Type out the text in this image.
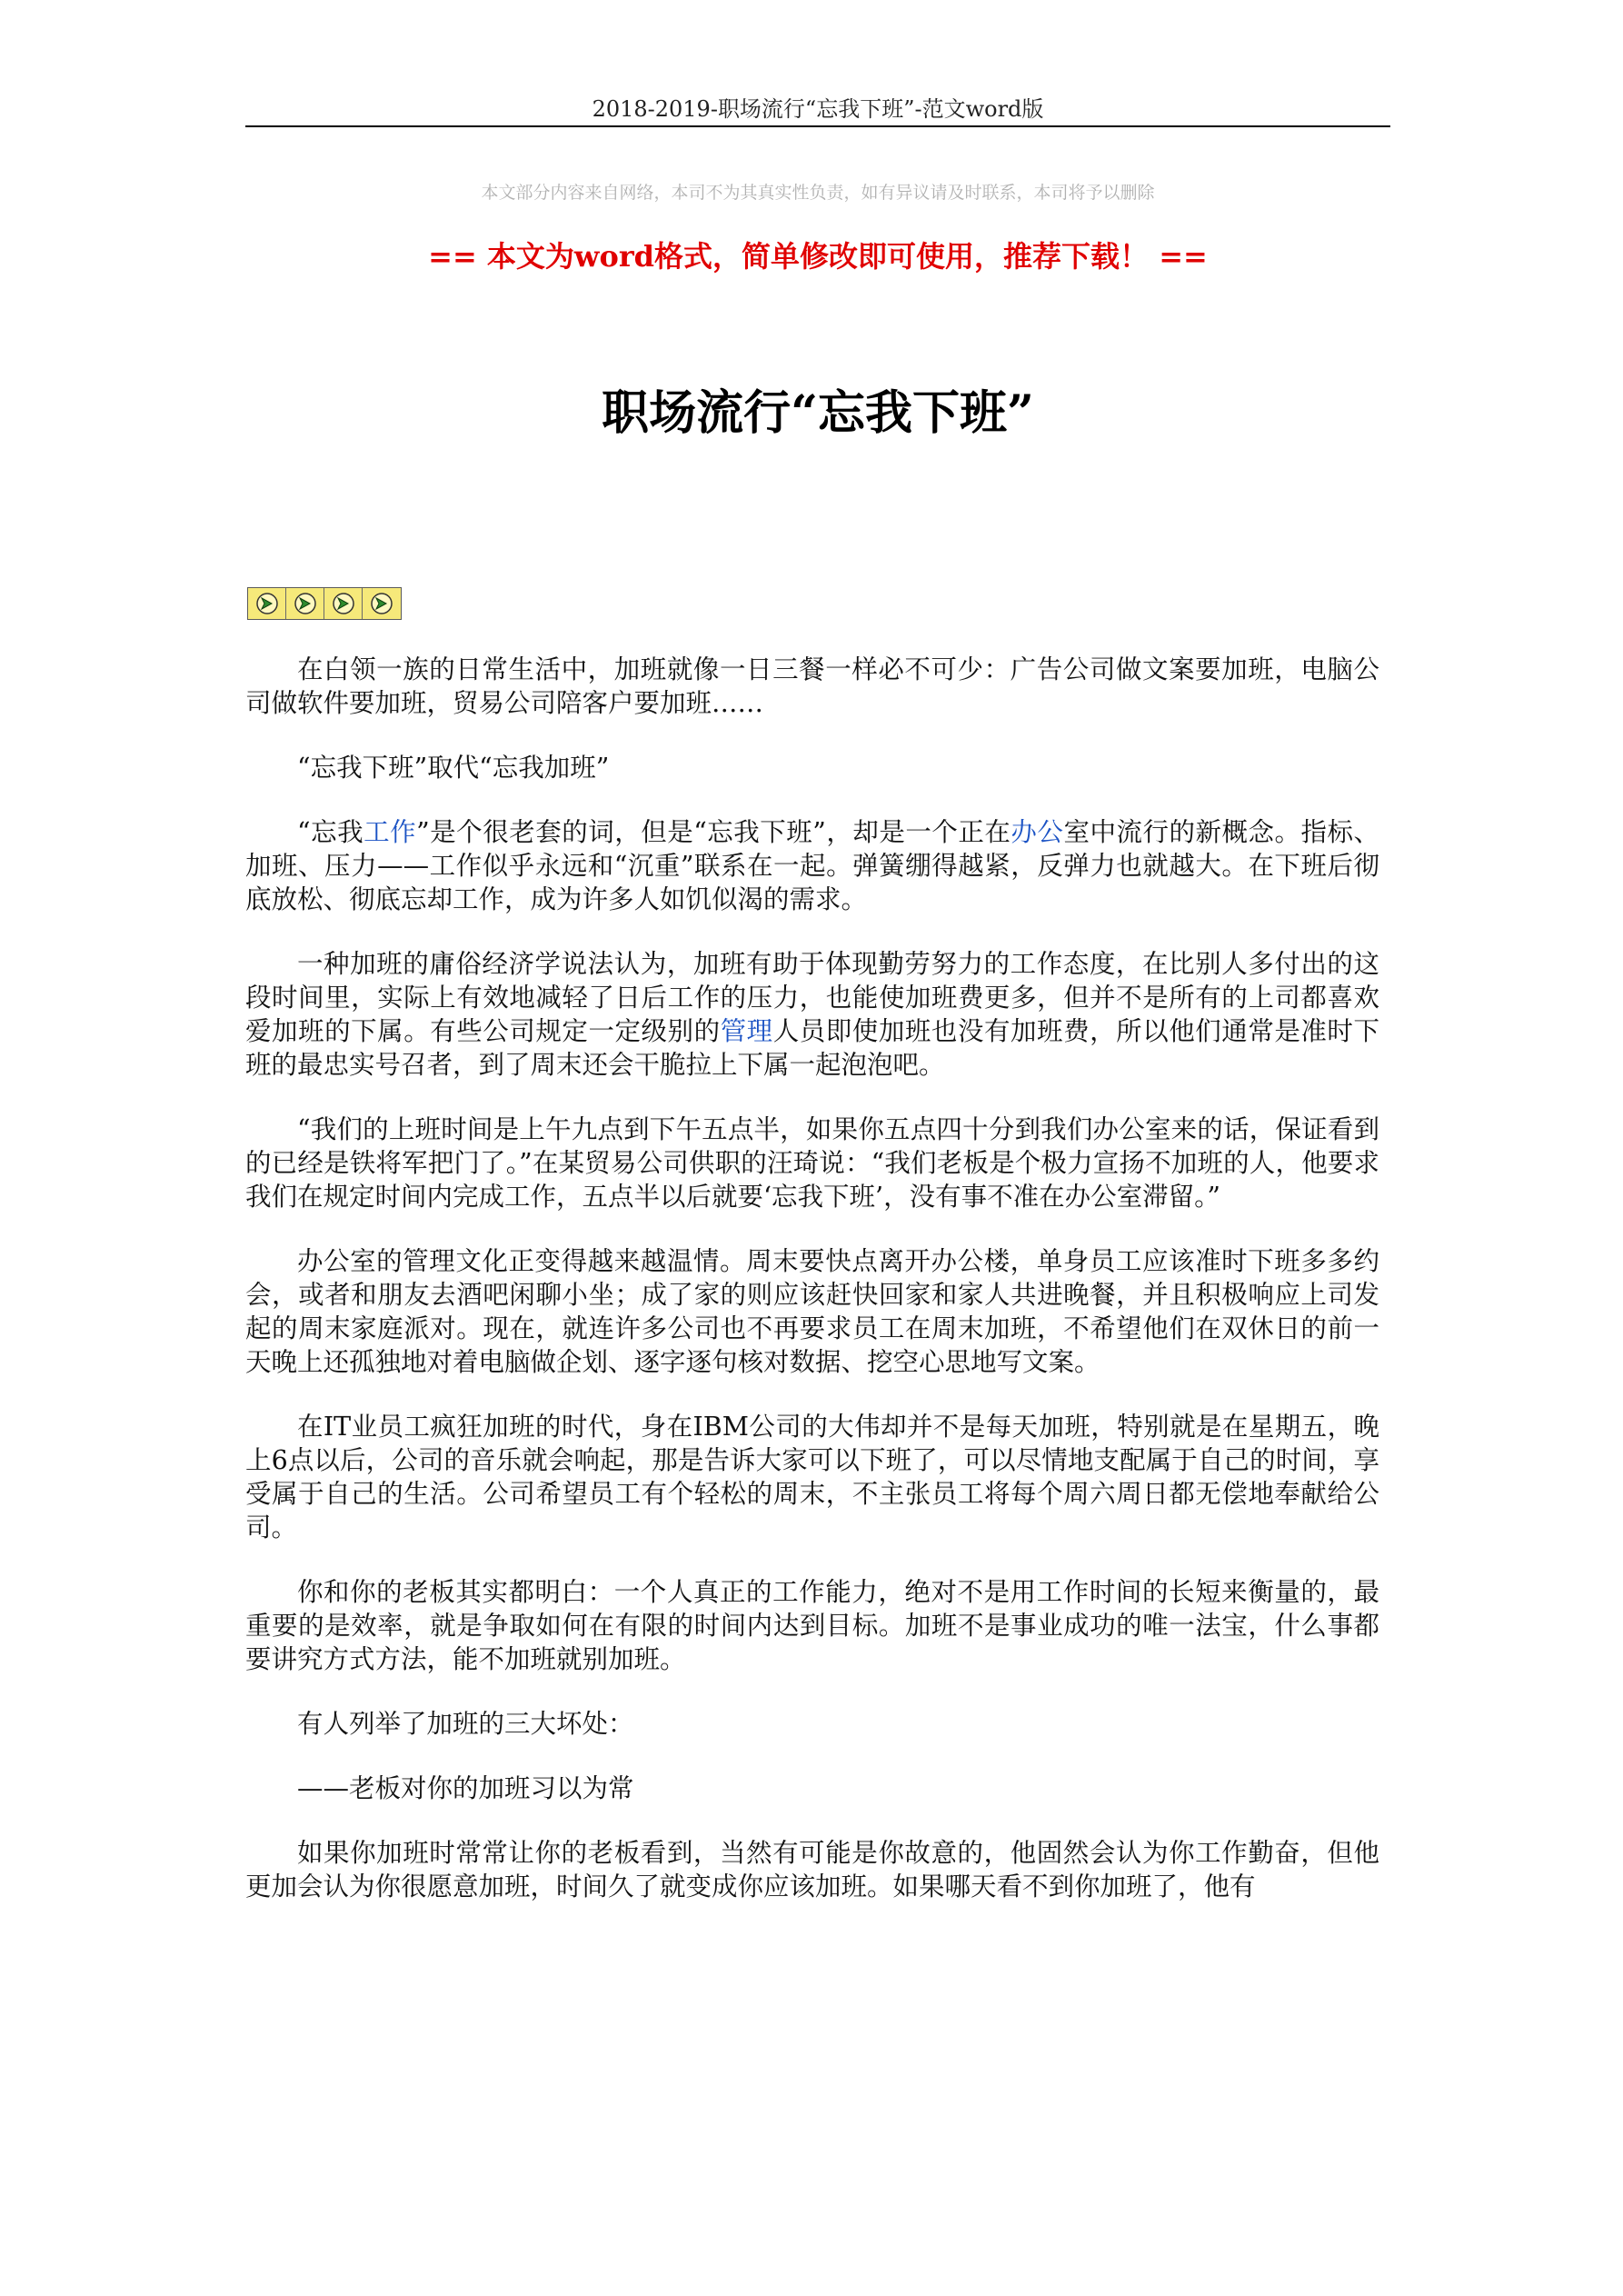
2018-2019-职场流行“忘我下班”-范文word版
本文部分内容来自网络，本司不为其真实性负责，如有异议请及时联系，本司将予以删除
== 本文为word格式，简单修改即可使用，推荐下载！ ==
职场流行“忘我下班”

在白领一族的日常生活中，加班就像一日三餐一样必不可少：广告公司做文案要加班，电脑公司做软件要加班，贸易公司陪客户要加班……

“忘我下班”取代“忘我加班”

“忘我工作”是个很老套的词，但是“忘我下班”，却是一个正在办公室中流行的新概念。指标、加班、压力——工作似乎永远和“沉重”联系在一起。弹簧绷得越紧，反弹力也就越大。在下班后彻底放松、彻底忘却工作，成为许多人如饥似渴的需求。

一种加班的庸俗经济学说法认为，加班有助于体现勤劳努力的工作态度，在比别人多付出的这段时间里，实际上有效地减轻了日后工作的压力，也能使加班费更多，但并不是所有的上司都喜欢爱加班的下属。有些公司规定一定级别的管理人员即使加班也没有加班费，所以他们通常是准时下班的最忠实号召者，到了周末还会干脆拉上下属一起泡泡吧。

“我们的上班时间是上午九点到下午五点半，如果你五点四十分到我们办公室来的话，保证看到的已经是铁将军把门了。”在某贸易公司供职的汪琦说：“我们老板是个极力宣扬不加班的人，他要求我们在规定时间内完成工作，五点半以后就要‘忘我下班’，没有事不准在办公室滞留。”

办公室的管理文化正变得越来越温情。周末要快点离开办公楼，单身员工应该准时下班多多约会，或者和朋友去酒吧闲聊小坐；成了家的则应该赶快回家和家人共进晚餐，并且积极响应上司发起的周末家庭派对。现在，就连许多公司也不再要求员工在周末加班，不希望他们在双休日的前一天晚上还孤独地对着电脑做企划、逐字逐句核对数据、挖空心思地写文案。

在IT业员工疯狂加班的时代，身在IBM公司的大伟却并不是每天加班，特别就是在星期五，晚上6点以后，公司的音乐就会响起，那是告诉大家可以下班了，可以尽情地支配属于自己的时间，享受属于自己的生活。公司希望员工有个轻松的周末，不主张员工将每个周六周日都无偿地奉献给公司。

你和你的老板其实都明白：一个人真正的工作能力，绝对不是用工作时间的长短来衡量的，最重要的是效率，就是争取如何在有限的时间内达到目标。加班不是事业成功的唯一法宝，什么事都要讲究方式方法，能不加班就别加班。

有人列举了加班的三大坏处：

——老板对你的加班习以为常

如果你加班时常常让你的老板看到，当然有可能是你故意的，他固然会认为你工作勤奋，但他更加会认为你很愿意加班，时间久了就变成你应该加班。如果哪天看不到你加班了，他有
